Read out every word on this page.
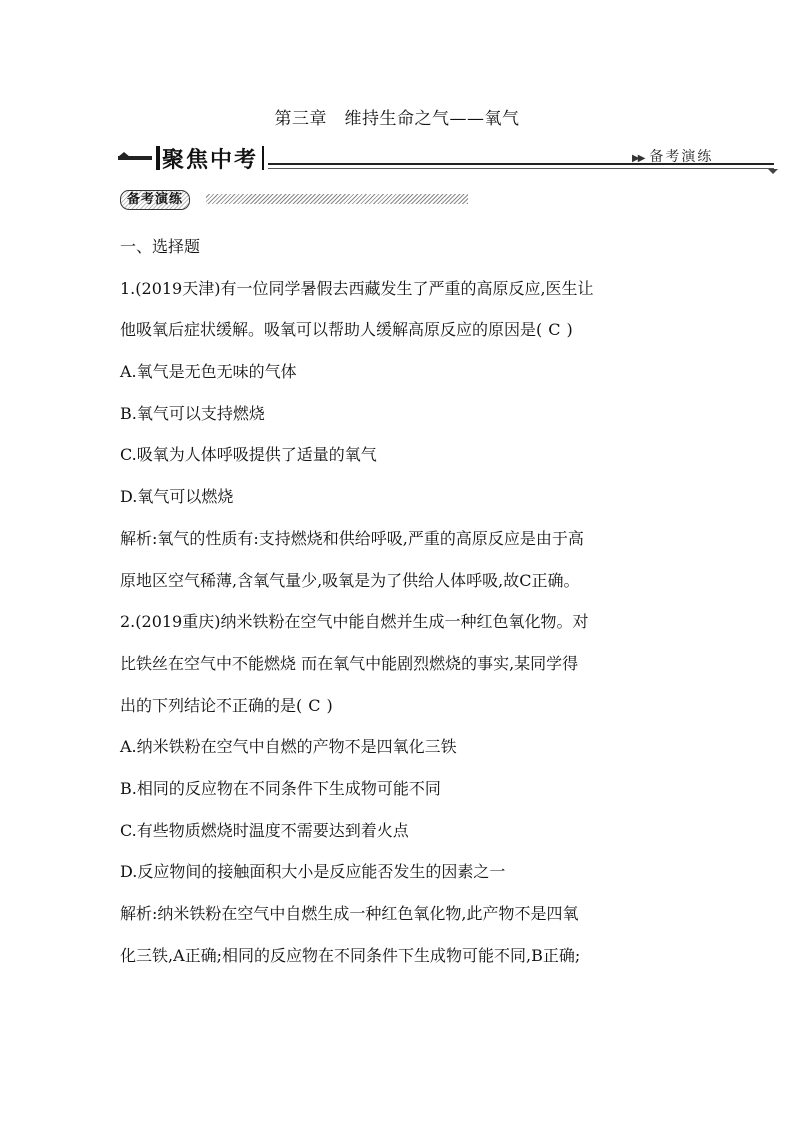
第三章　维持生命之气——氧气
聚焦中考	▶▶ 备考演练
备考演练
一、选择题
1.(2019天津)有一位同学暑假去西藏发生了严重的高原反应,医生让
他吸氧后症状缓解。吸氧可以帮助人缓解高原反应的原因是( C )
A.氧气是无色无味的气体
B.氧气可以支持燃烧
C.吸氧为人体呼吸提供了适量的氧气
D.氧气可以燃烧
解析:氧气的性质有:支持燃烧和供给呼吸,严重的高原反应是由于高
原地区空气稀薄,含氧气量少,吸氧是为了供给人体呼吸,故C正确。
2.(2019重庆)纳米铁粉在空气中能自燃并生成一种红色氧化物。对
比铁丝在空气中不能燃烧 而在氧气中能剧烈燃烧的事实,某同学得
出的下列结论不正确的是( C )
A.纳米铁粉在空气中自燃的产物不是四氧化三铁
B.相同的反应物在不同条件下生成物可能不同
C.有些物质燃烧时温度不需要达到着火点
D.反应物间的接触面积大小是反应能否发生的因素之一
解析:纳米铁粉在空气中自燃生成一种红色氧化物,此产物不是四氧
化三铁,A正确;相同的反应物在不同条件下生成物可能不同,B正确;
